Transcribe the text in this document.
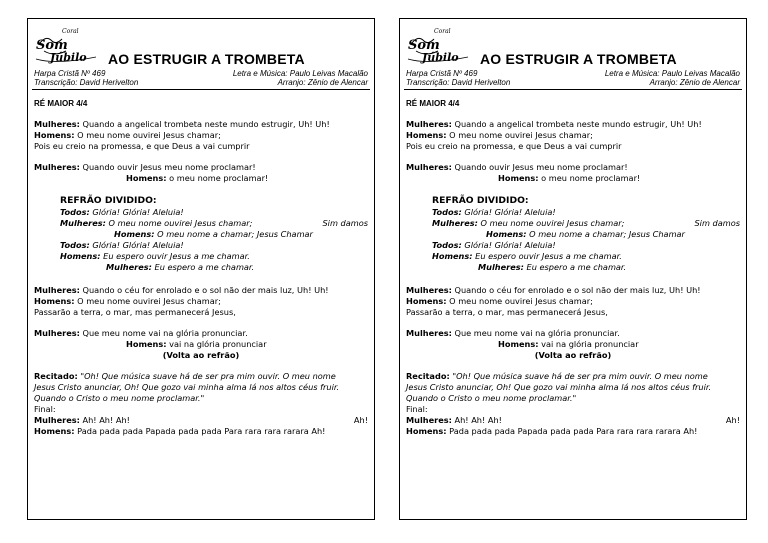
Coral
Som
Júbilo AO ESTRUGIR A TROMBETA
Harpa Cristã Nº 469
Transcrição: David Herivelton
Letra e Música: Paulo Leivas Macalão
Arranjo: Zênio de Alencar
RÉ MAIOR 4/4
Mulheres: Quando a angelical trombeta neste mundo estrugir, Uh! Uh!
Homens: O meu nome ouvirei Jesus chamar;
Pois eu creio na promessa, e que Deus a vai cumprir
Mulheres: Quando ouvir Jesus meu nome proclamar!
Homens: o meu nome proclamar!
REFRÃO DIVIDIDO:
Todos: Glória! Glória! Aleluia!
Mulheres: O meu nome ouvirei Jesus chamar;	Sim damos
Homens: O meu nome a chamar; Jesus Chamar
Todos: Glória! Glória! Aleluia!
Homens: Eu espero ouvir Jesus a me chamar.
Mulheres: Eu espero a me chamar.
Mulheres: Quando o céu for enrolado e o sol não der mais luz, Uh! Uh!
Homens: O meu nome ouvirei Jesus chamar;
Passarão a terra, o mar, mas permanecerá Jesus,
Mulheres: Que meu nome vai na glória pronunciar.
Homens: vai na glória pronunciar
(Volta ao refrão)
Recitado: "Oh! Que música suave há de ser pra mim ouvir. O meu nome
Jesus Cristo anunciar, Oh! Que gozo vai minha alma lá nos altos céus fruir.
Quando o Cristo o meu nome proclamar."
Final:
Mulheres: Ah! Ah! Ah!	Ah!
Homens: Pada pada pada Papada pada pada Para rara rara rarara Ah!
Coral
Som
Júbilo AO ESTRUGIR A TROMBETA
Harpa Cristã Nº 469
Transcrição: David Herivelton
Letra e Música: Paulo Leivas Macalão
Arranjo: Zênio de Alencar
RÉ MAIOR 4/4
Mulheres: Quando a angelical trombeta neste mundo estrugir, Uh! Uh!
Homens: O meu nome ouvirei Jesus chamar;
Pois eu creio na promessa, e que Deus a vai cumprir
Mulheres: Quando ouvir Jesus meu nome proclamar!
Homens: o meu nome proclamar!
REFRÃO DIVIDIDO:
Todos: Glória! Glória! Aleluia!
Mulheres: O meu nome ouvirei Jesus chamar;	Sim damos
Homens: O meu nome a chamar; Jesus Chamar
Todos: Glória! Glória! Aleluia!
Homens: Eu espero ouvir Jesus a me chamar.
Mulheres: Eu espero a me chamar.
Mulheres: Quando o céu for enrolado e o sol não der mais luz, Uh! Uh!
Homens: O meu nome ouvirei Jesus chamar;
Passarão a terra, o mar, mas permanecerá Jesus,
Mulheres: Que meu nome vai na glória pronunciar.
Homens: vai na glória pronunciar
(Volta ao refrão)
Recitado: "Oh! Que música suave há de ser pra mim ouvir. O meu nome
Jesus Cristo anunciar, Oh! Que gozo vai minha alma lá nos altos céus fruir.
Quando o Cristo o meu nome proclamar."
Final:
Mulheres: Ah! Ah! Ah!	Ah!
Homens: Pada pada pada Papada pada pada Para rara rara rarara Ah!
